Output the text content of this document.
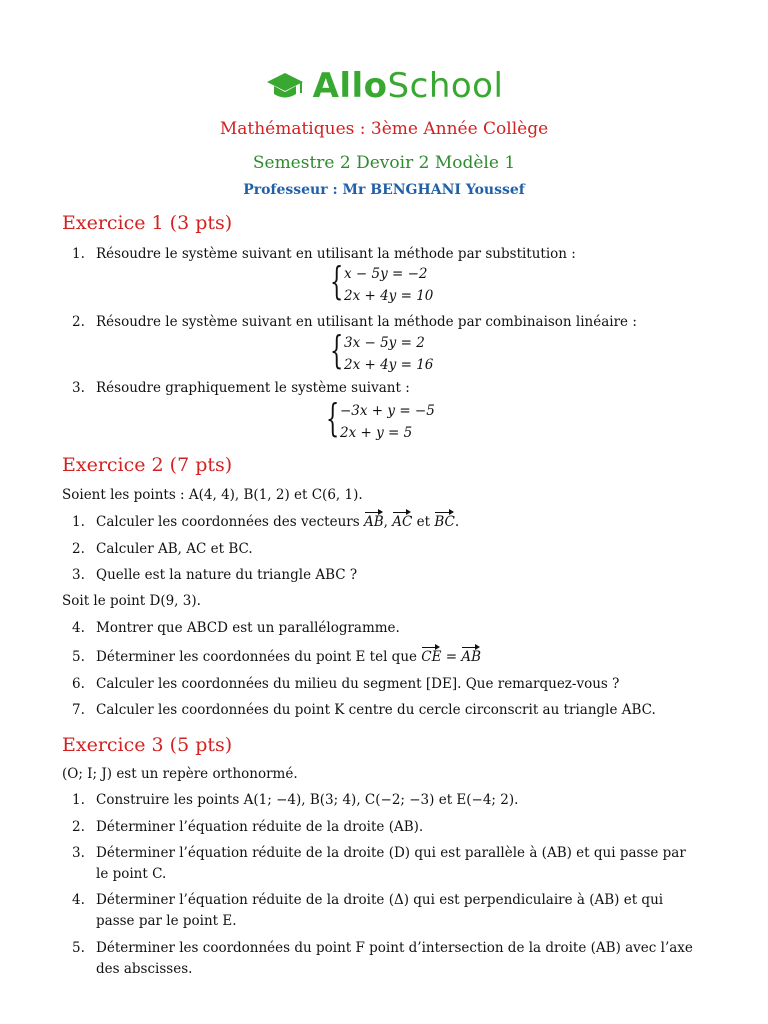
AlloSchool
Mathématiques : 3ème Année Collège
Semestre 2 Devoir 2 Modèle 1
Professeur : Mr BENGHANI Youssef
Exercice 1 (3 pts)
1. Résoudre le système suivant en utilisant la méthode par substitution :
{ x − 5y = −2
2x + 4y = 10
2. Résoudre le système suivant en utilisant la méthode par combinaison linéaire :
{ 3x − 5y = 2
2x + 4y = 16
3. Résoudre graphiquement le système suivant :
{ −3x + y = −5
2x + y = 5
Exercice 2 (7 pts)
Soient les points : A(4, 4), B(1, 2) et C(6, 1).
1. Calculer les coordonnées des vecteurs AB, AC et BC.
2. Calculer AB, AC et BC.
3. Quelle est la nature du triangle ABC ?
Soit le point D(9, 3).
4. Montrer que ABCD est un parallélogramme.
5. Déterminer les coordonnées du point E tel que CE = AB
6. Calculer les coordonnées du milieu du segment [DE]. Que remarquez-vous ?
7. Calculer les coordonnées du point K centre du cercle circonscrit au triangle ABC.
Exercice 3 (5 pts)
(O; I; J) est un repère orthonormé.
1. Construire les points A(1; −4), B(3; 4), C(−2; −3) et E(−4; 2).
2. Déterminer l’équation réduite de la droite (AB).
3. Déterminer l’équation réduite de la droite (D) qui est parallèle à (AB) et qui passe par
le point C.
4. Déterminer l’équation réduite de la droite (Δ) qui est perpendiculaire à (AB) et qui
passe par le point E.
5. Déterminer les coordonnées du point F point d’intersection de la droite (AB) avec l’axe
des abscisses.
